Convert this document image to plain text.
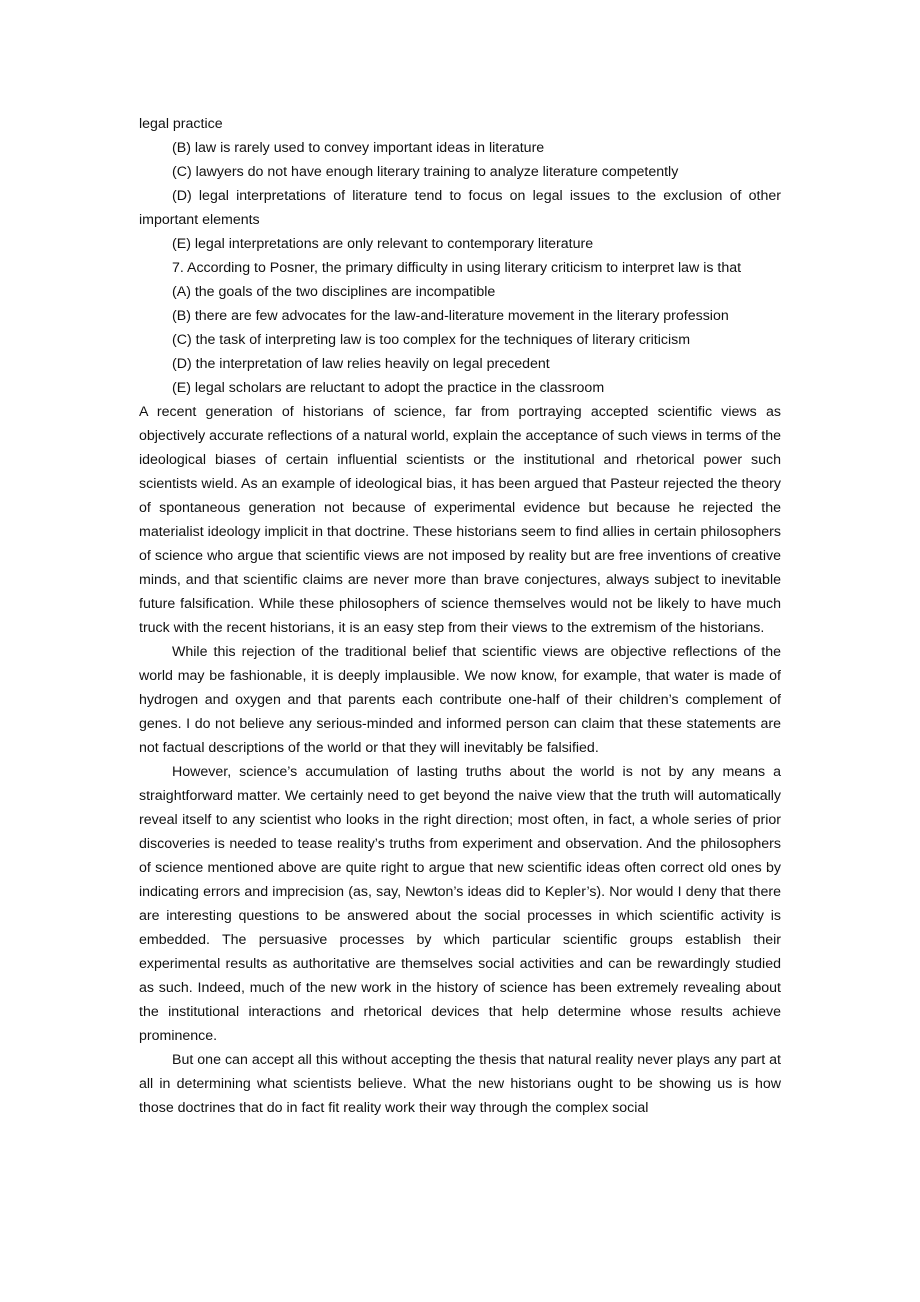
legal practice

(B) law is rarely used to convey important ideas in literature

(C) lawyers do not have enough literary training to analyze literature competently

(D) legal interpretations of literature tend to focus on legal issues to the exclusion of other important elements

(E) legal interpretations are only relevant to contemporary literature

7. According to Posner, the primary difficulty in using literary criticism to interpret law is that

(A) the goals of the two disciplines are incompatible

(B) there are few advocates for the law-and-literature movement in the literary profession

(C) the task of interpreting law is too complex for the techniques of literary criticism

(D) the interpretation of law relies heavily on legal precedent

(E) legal scholars are reluctant to adopt the practice in the classroom

A recent generation of historians of science, far from portraying accepted scientific views as objectively accurate reflections of a natural world, explain the acceptance of such views in terms of the ideological biases of certain influential scientists or the institutional and rhetorical power such scientists wield. As an example of ideological bias, it has been argued that Pasteur rejected the theory of spontaneous generation not because of experimental evidence but because he rejected the materialist ideology implicit in that doctrine. These historians seem to find allies in certain philosophers of science who argue that scientific views are not imposed by reality but are free inventions of creative minds, and that scientific claims are never more than brave conjectures, always subject to inevitable future falsification. While these philosophers of science themselves would not be likely to have much truck with the recent historians, it is an easy step from their views to the extremism of the historians.

While this rejection of the traditional belief that scientific views are objective reflections of the world may be fashionable, it is deeply implausible. We now know, for example, that water is made of hydrogen and oxygen and that parents each contribute one-half of their children’s complement of genes. I do not believe any serious-minded and informed person can claim that these statements are not factual descriptions of the world or that they will inevitably be falsified.

However, science’s accumulation of lasting truths about the world is not by any means a straightforward matter. We certainly need to get beyond the naive view that the truth will automatically reveal itself to any scientist who looks in the right direction; most often, in fact, a whole series of prior discoveries is needed to tease reality’s truths from experiment and observation. And the philosophers of science mentioned above are quite right to argue that new scientific ideas often correct old ones by indicating errors and imprecision (as, say, Newton’s ideas did to Kepler’s). Nor would I deny that there are interesting questions to be answered about the social processes in which scientific activity is embedded. The persuasive processes by which particular scientific groups establish their experimental results as authoritative are themselves social activities and can be rewardingly studied as such. Indeed, much of the new work in the history of science has been extremely revealing about the institutional interactions and rhetorical devices that help determine whose results achieve prominence.

But one can accept all this without accepting the thesis that natural reality never plays any part at all in determining what scientists believe. What the new historians ought to be showing us is how those doctrines that do in fact fit reality work their way through the complex social
